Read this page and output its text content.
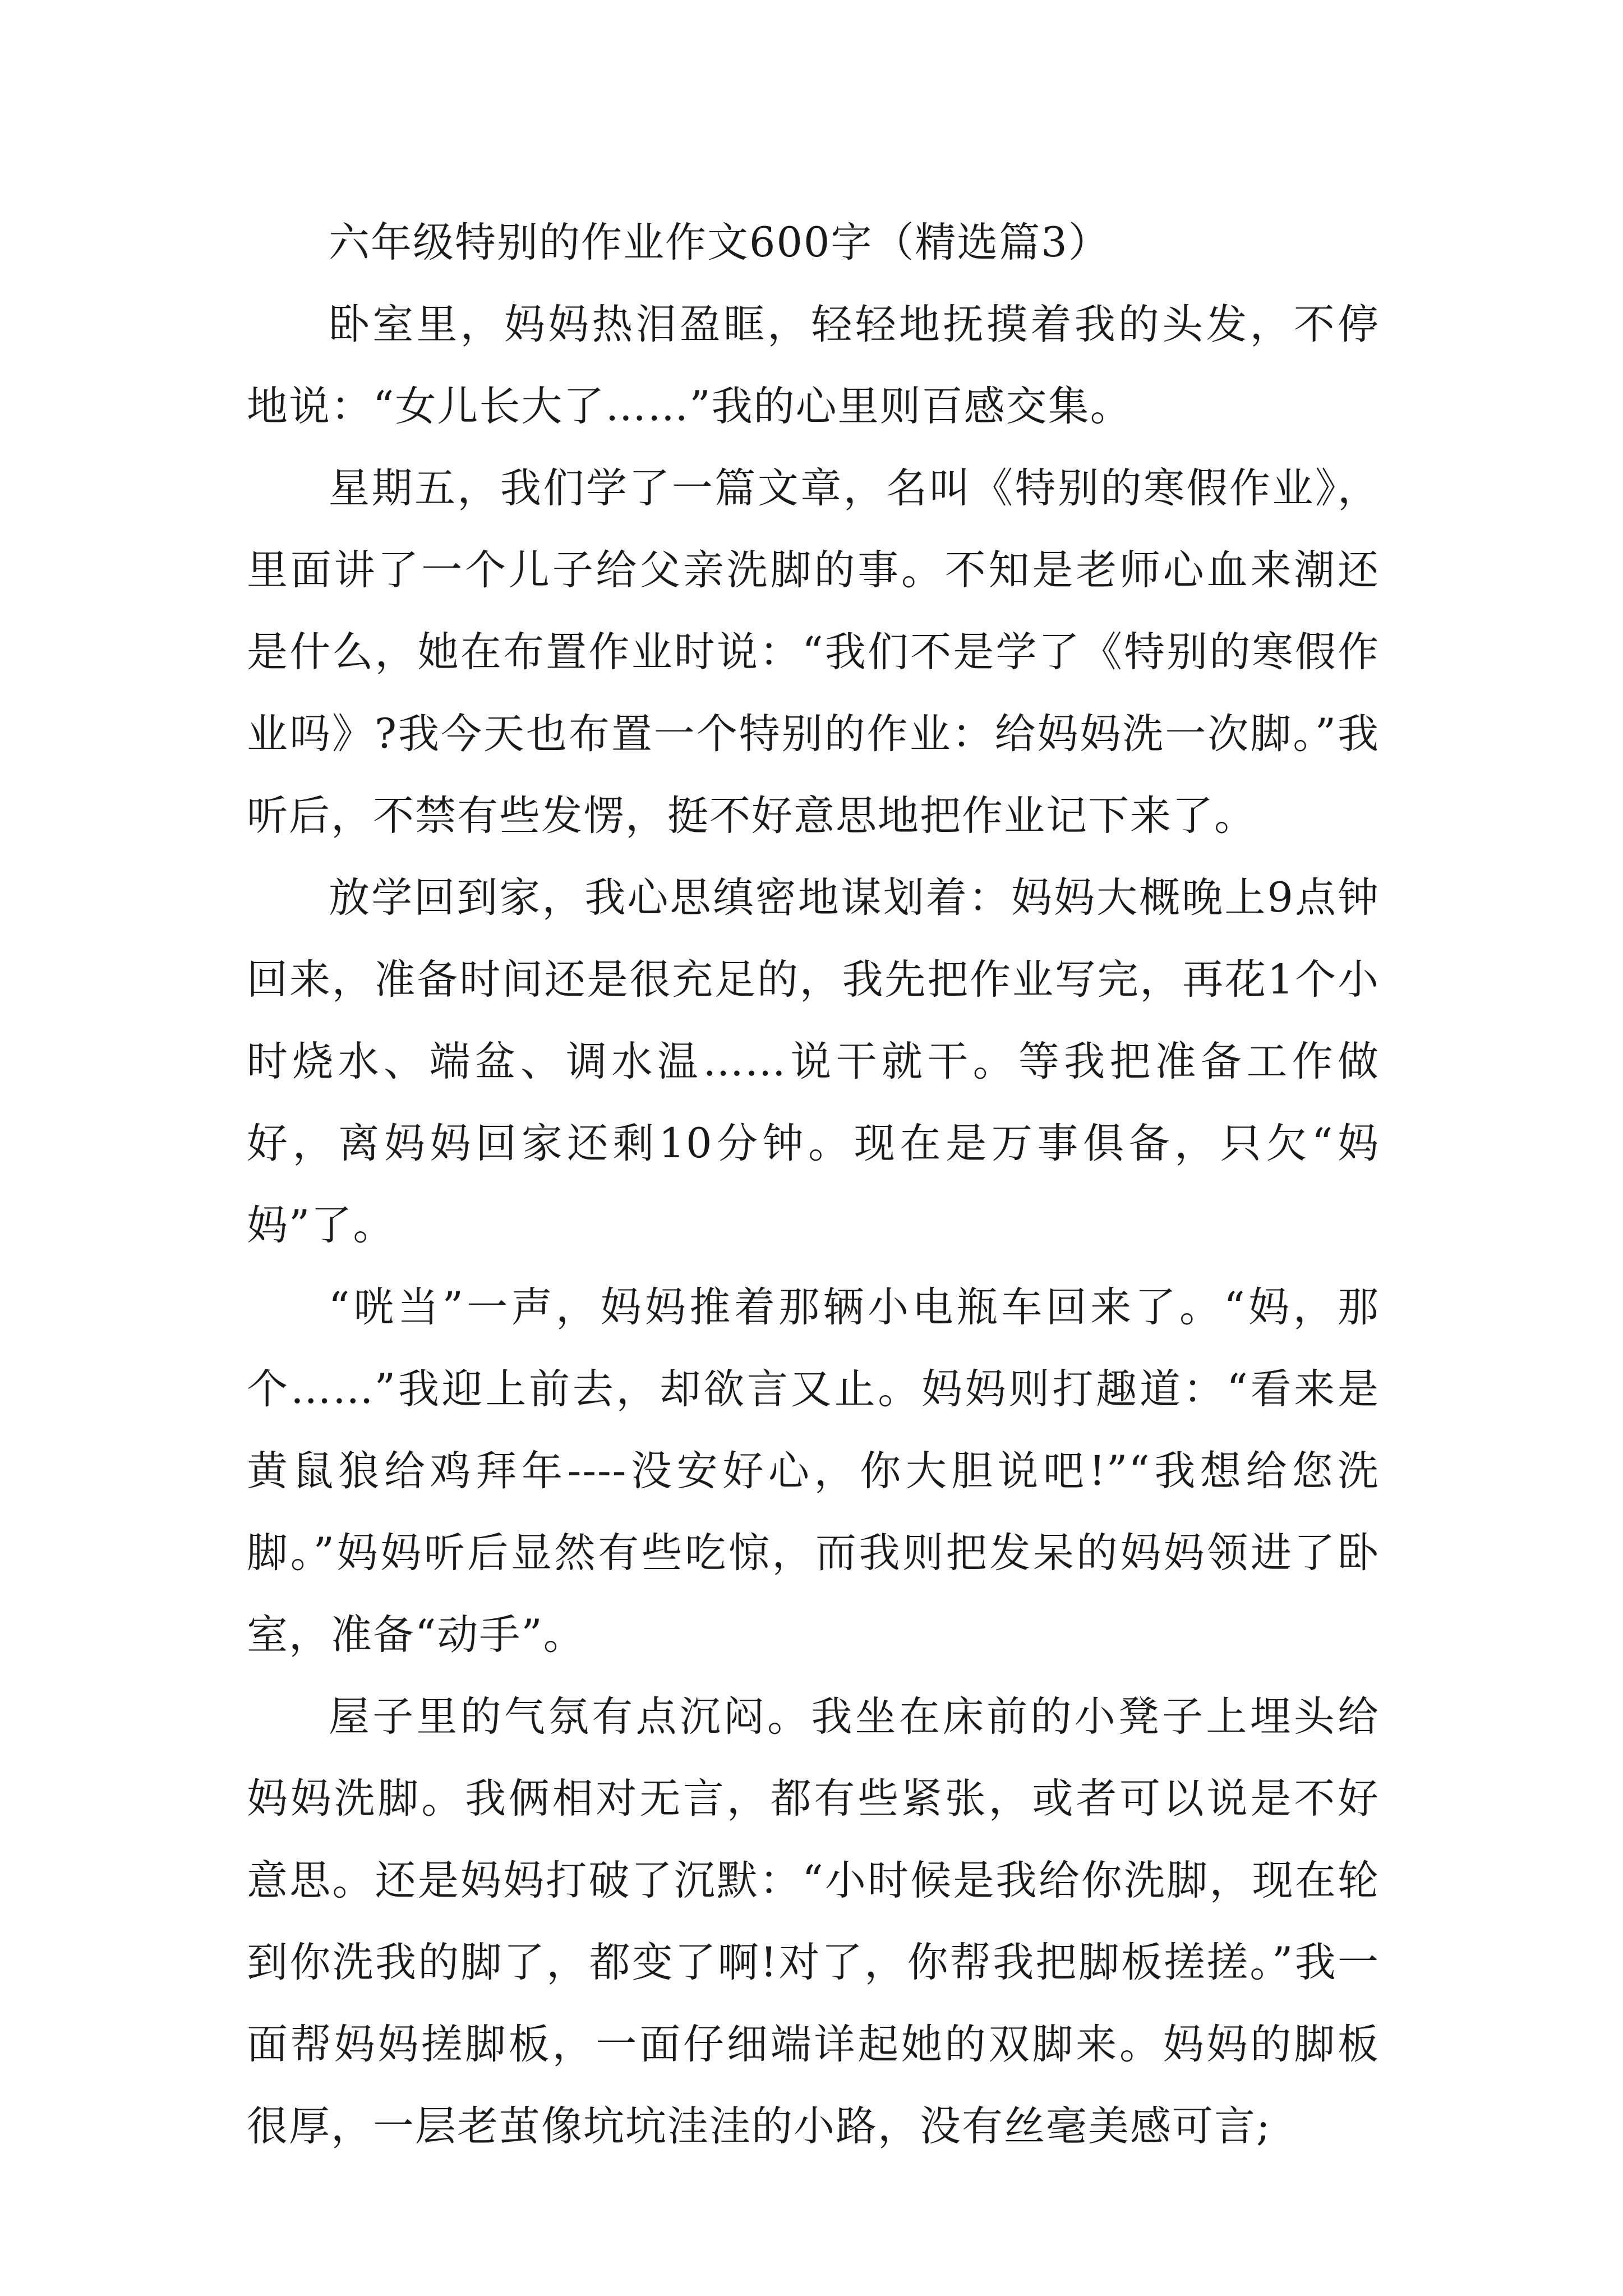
六年级特别的作业作文600字（精选篇3）

卧室里，妈妈热泪盈眶，轻轻地抚摸着我的头发，不停地说：“女儿长大了……”我的心里则百感交集。

星期五，我们学了一篇文章，名叫《特别的寒假作业》，里面讲了一个儿子给父亲洗脚的事。不知是老师心血来潮还是什么，她在布置作业时说：“我们不是学了《特别的寒假作业吗》?我今天也布置一个特别的作业：给妈妈洗一次脚。”我听后，不禁有些发愣，挺不好意思地把作业记下来了。

放学回到家，我心思缜密地谋划着：妈妈大概晚上9点钟回来，准备时间还是很充足的，我先把作业写完，再花1个小时烧水、端盆、调水温……说干就干。等我把准备工作做好，离妈妈回家还剩10分钟。现在是万事俱备，只欠“妈妈”了。

“咣当”一声，妈妈推着那辆小电瓶车回来了。“妈，那个……”我迎上前去，却欲言又止。妈妈则打趣道：“看来是黄鼠狼给鸡拜年----没安好心，你大胆说吧!”“我想给您洗脚。”妈妈听后显然有些吃惊，而我则把发呆的妈妈领进了卧室，准备“动手”。

屋子里的气氛有点沉闷。我坐在床前的小凳子上埋头给妈妈洗脚。我俩相对无言，都有些紧张，或者可以说是不好意思。还是妈妈打破了沉默：“小时候是我给你洗脚，现在轮到你洗我的脚了，都变了啊!对了，你帮我把脚板搓搓。”我一面帮妈妈搓脚板，一面仔细端详起她的双脚来。妈妈的脚板很厚，一层老茧像坑坑洼洼的小路，没有丝毫美感可言;
